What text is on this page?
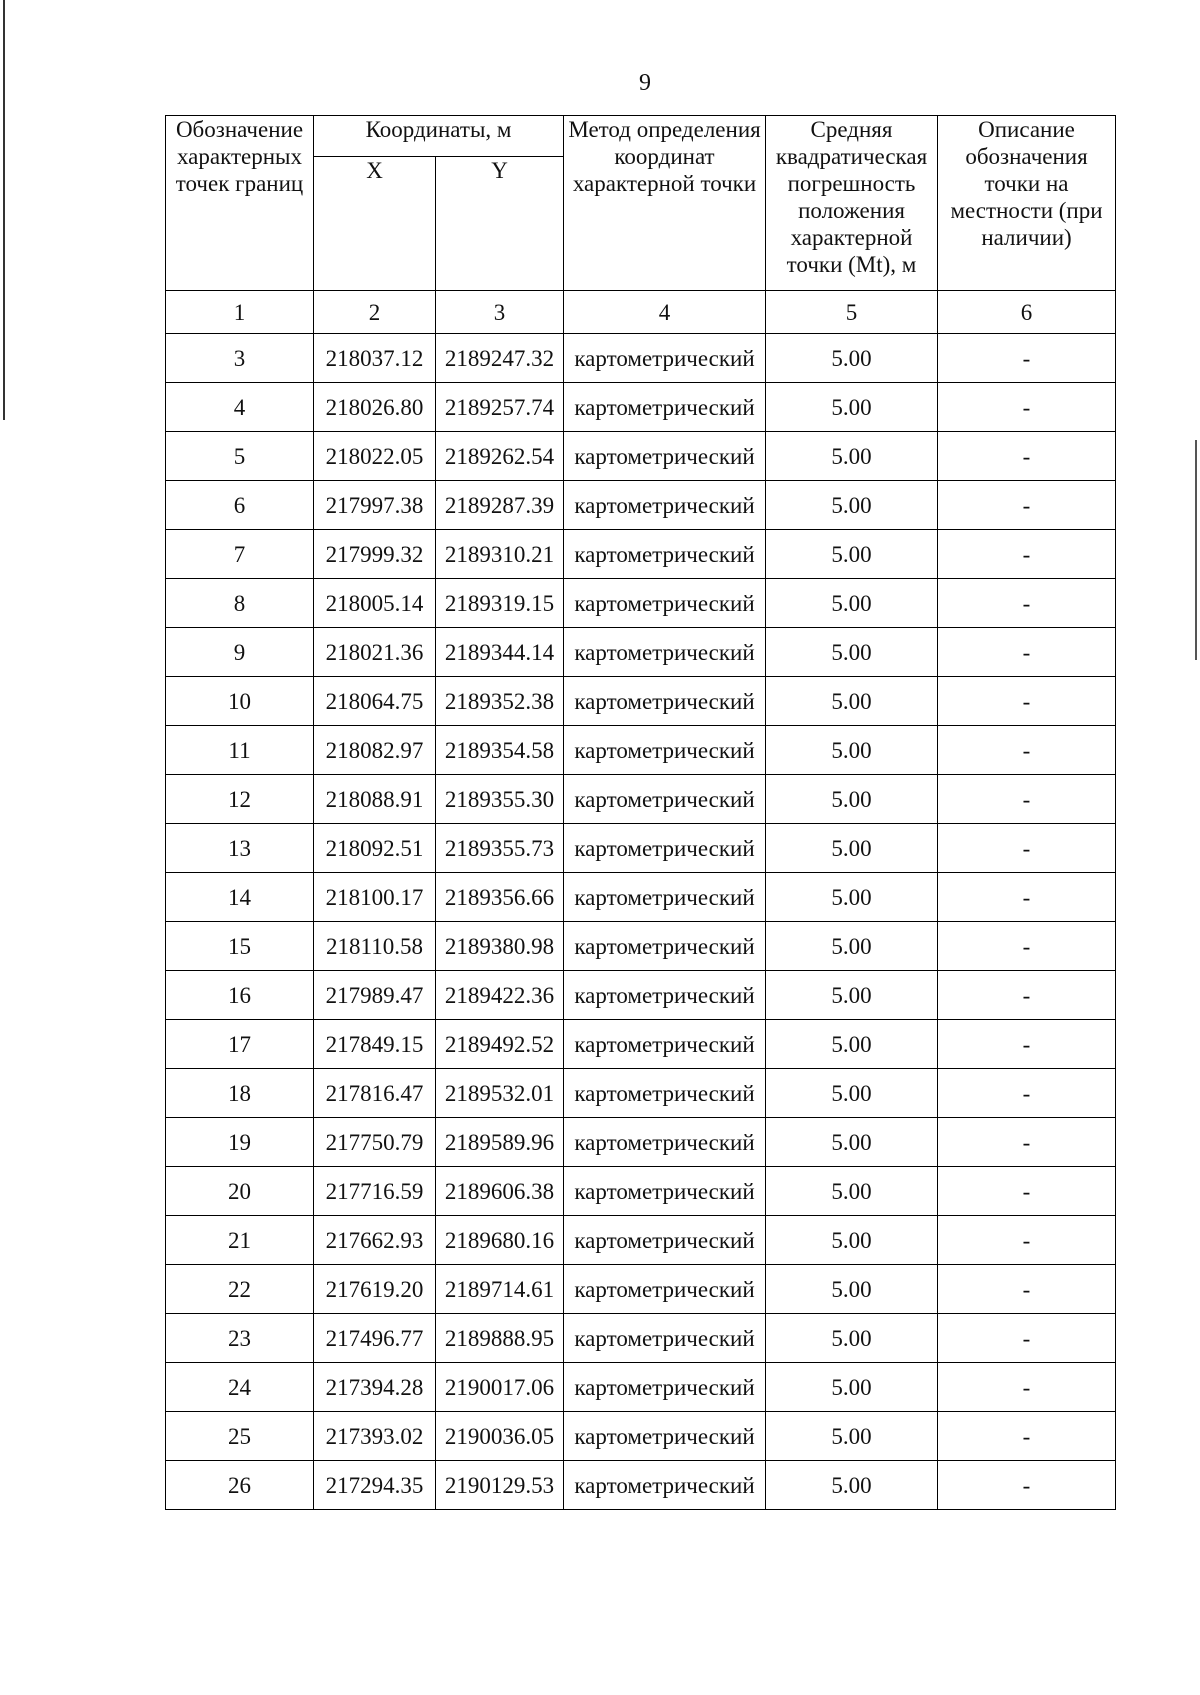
9
Обозначение характерных точек границ	Координаты, м		Метод определения координат характерной точки	Средняя квадратическая погрешность положения характерной точки (Mt), м	Описание обозначения точки на местности (при наличии)
	X	Y			
1	2	3	4	5	6
3	218037.12	2189247.32	картометрический	5.00	-
4	218026.80	2189257.74	картометрический	5.00	-
5	218022.05	2189262.54	картометрический	5.00	-
6	217997.38	2189287.39	картометрический	5.00	-
7	217999.32	2189310.21	картометрический	5.00	-
8	218005.14	2189319.15	картометрический	5.00	-
9	218021.36	2189344.14	картометрический	5.00	-
10	218064.75	2189352.38	картометрический	5.00	-
11	218082.97	2189354.58	картометрический	5.00	-
12	218088.91	2189355.30	картометрический	5.00	-
13	218092.51	2189355.73	картометрический	5.00	-
14	218100.17	2189356.66	картометрический	5.00	-
15	218110.58	2189380.98	картометрический	5.00	-
16	217989.47	2189422.36	картометрический	5.00	-
17	217849.15	2189492.52	картометрический	5.00	-
18	217816.47	2189532.01	картометрический	5.00	-
19	217750.79	2189589.96	картометрический	5.00	-
20	217716.59	2189606.38	картометрический	5.00	-
21	217662.93	2189680.16	картометрический	5.00	-
22	217619.20	2189714.61	картометрический	5.00	-
23	217496.77	2189888.95	картометрический	5.00	-
24	217394.28	2190017.06	картометрический	5.00	-
25	217393.02	2190036.05	картометрический	5.00	-
26	217294.35	2190129.53	картометрический	5.00	-
